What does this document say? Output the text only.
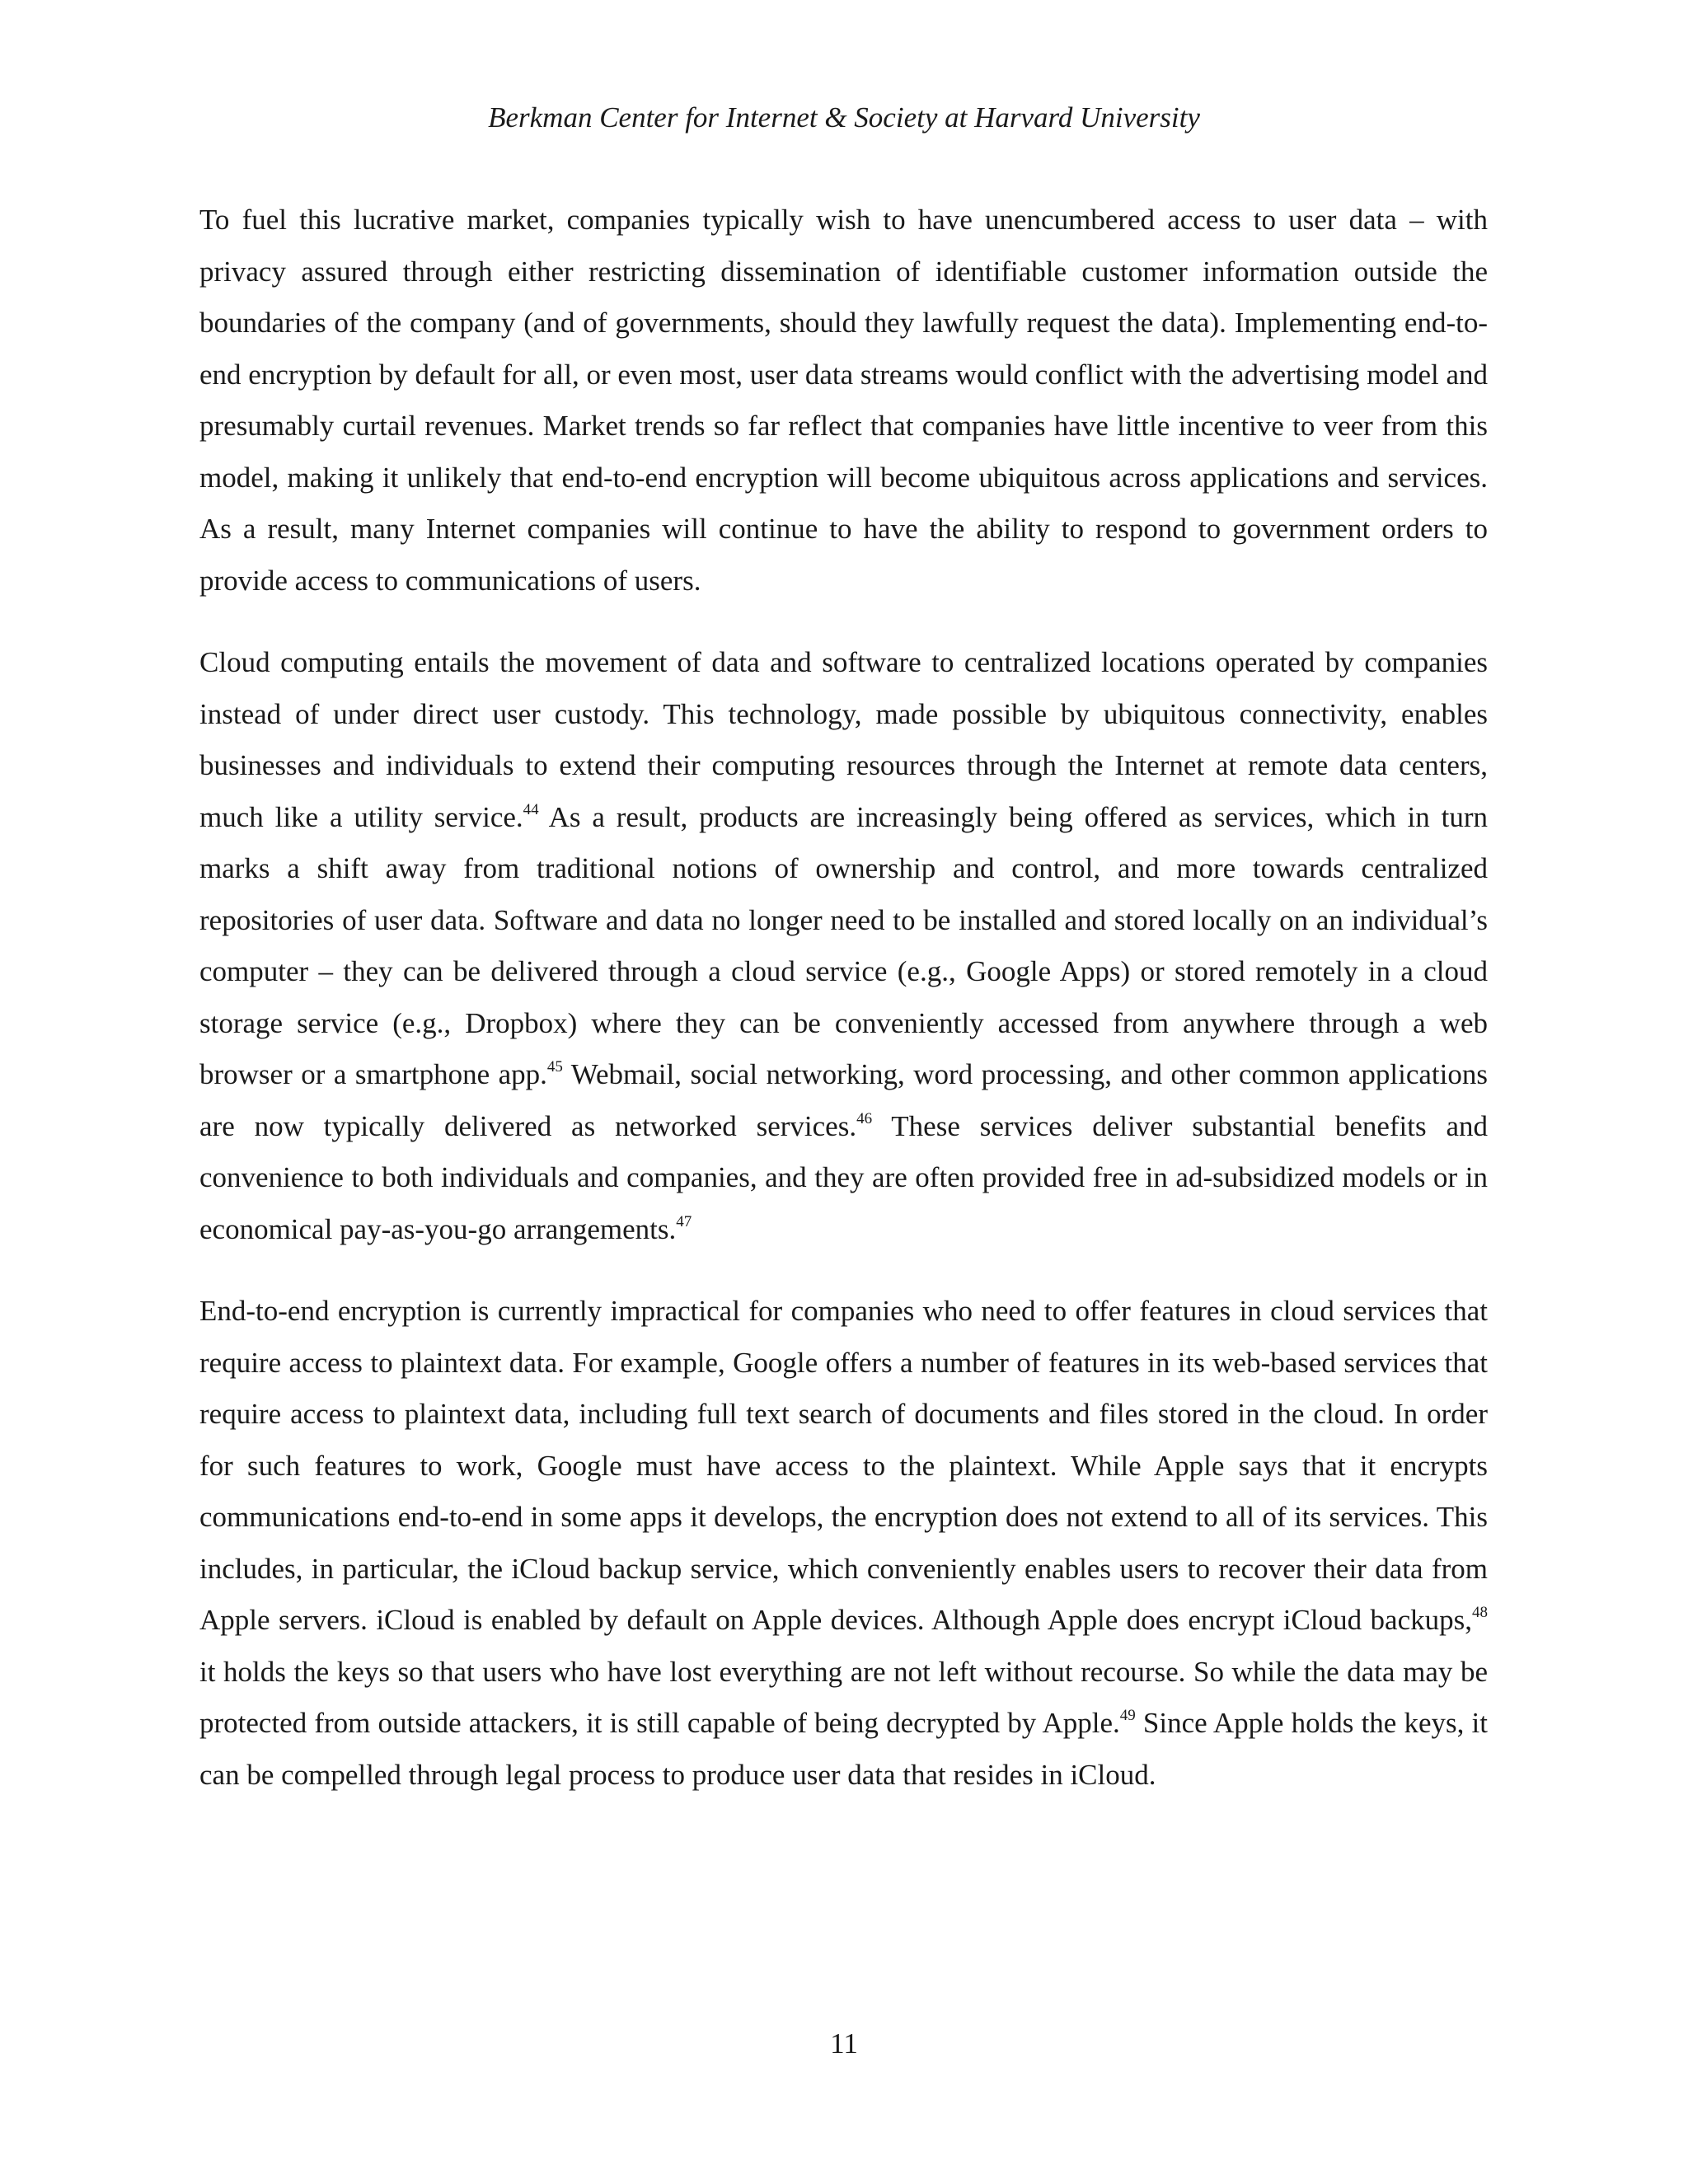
Berkman Center for Internet & Society at Harvard University

To fuel this lucrative market, companies typically wish to have unencumbered access to user data – with privacy assured through either restricting dissemination of identifiable customer information outside the boundaries of the company (and of governments, should they lawfully request the data). Implementing end-to-end encryption by default for all, or even most, user data streams would conflict with the advertising model and presumably curtail revenues. Market trends so far reflect that companies have little incentive to veer from this model, making it unlikely that end-to-end encryption will become ubiquitous across applications and services. As a result, many Internet companies will continue to have the ability to respond to government orders to provide access to communications of users.

Cloud computing entails the movement of data and software to centralized locations operated by companies instead of under direct user custody. This technology, made possible by ubiquitous connectivity, enables businesses and individuals to extend their computing resources through the Internet at remote data centers, much like a utility service.$^{44}$ As a result, products are increasingly being offered as services, which in turn marks a shift away from traditional notions of ownership and control, and more towards centralized repositories of user data. Software and data no longer need to be installed and stored locally on an individual’s computer – they can be delivered through a cloud service (e.g., Google Apps) or stored remotely in a cloud storage service (e.g., Dropbox) where they can be conveniently accessed from anywhere through a web browser or a smartphone app.$^{45}$ Webmail, social networking, word processing, and other common applications are now typically delivered as networked services.$^{46}$ These services deliver substantial benefits and convenience to both individuals and companies, and they are often provided free in ad-subsidized models or in economical pay-as-you-go arrangements.$^{47}$

End-to-end encryption is currently impractical for companies who need to offer features in cloud services that require access to plaintext data. For example, Google offers a number of features in its web-based services that require access to plaintext data, including full text search of documents and files stored in the cloud. In order for such features to work, Google must have access to the plaintext. While Apple says that it encrypts communications end-to-end in some apps it develops, the encryption does not extend to all of its services. This includes, in particular, the iCloud backup service, which conveniently enables users to recover their data from Apple servers. iCloud is enabled by default on Apple devices. Although Apple does encrypt iCloud backups,$^{48}$ it holds the keys so that users who have lost everything are not left without recourse. So while the data may be protected from outside attackers, it is still capable of being decrypted by Apple.$^{49}$ Since Apple holds the keys, it can be compelled through legal process to produce user data that resides in iCloud.

11
